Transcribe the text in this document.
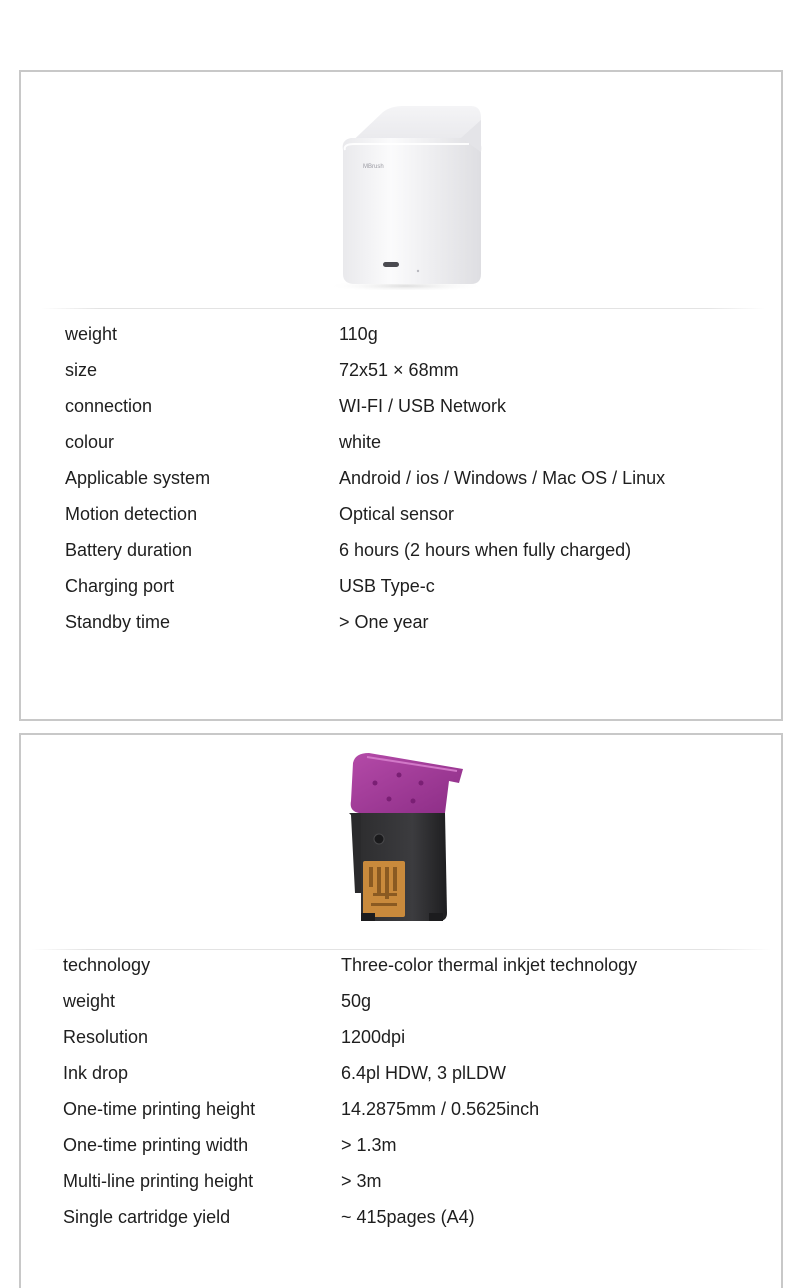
MBrush
weight	110g
size	72x51 × 68mm
connection	WI-FI / USB Network
colour	white
Applicable system	Android / ios / Windows / Mac OS / Linux
Motion detection	Optical sensor
Battery duration	6 hours (2 hours when fully charged)
Charging port	USB Type-c
Standby time	> One year
technology	Three-color thermal inkjet technology
weight	50g
Resolution	1200dpi
Ink drop	6.4pl HDW, 3 plLDW
One-time printing height	14.2875mm / 0.5625inch
One-time printing width	> 1.3m
Multi-line printing height	> 3m
Single cartridge yield	~ 415pages (A4)
